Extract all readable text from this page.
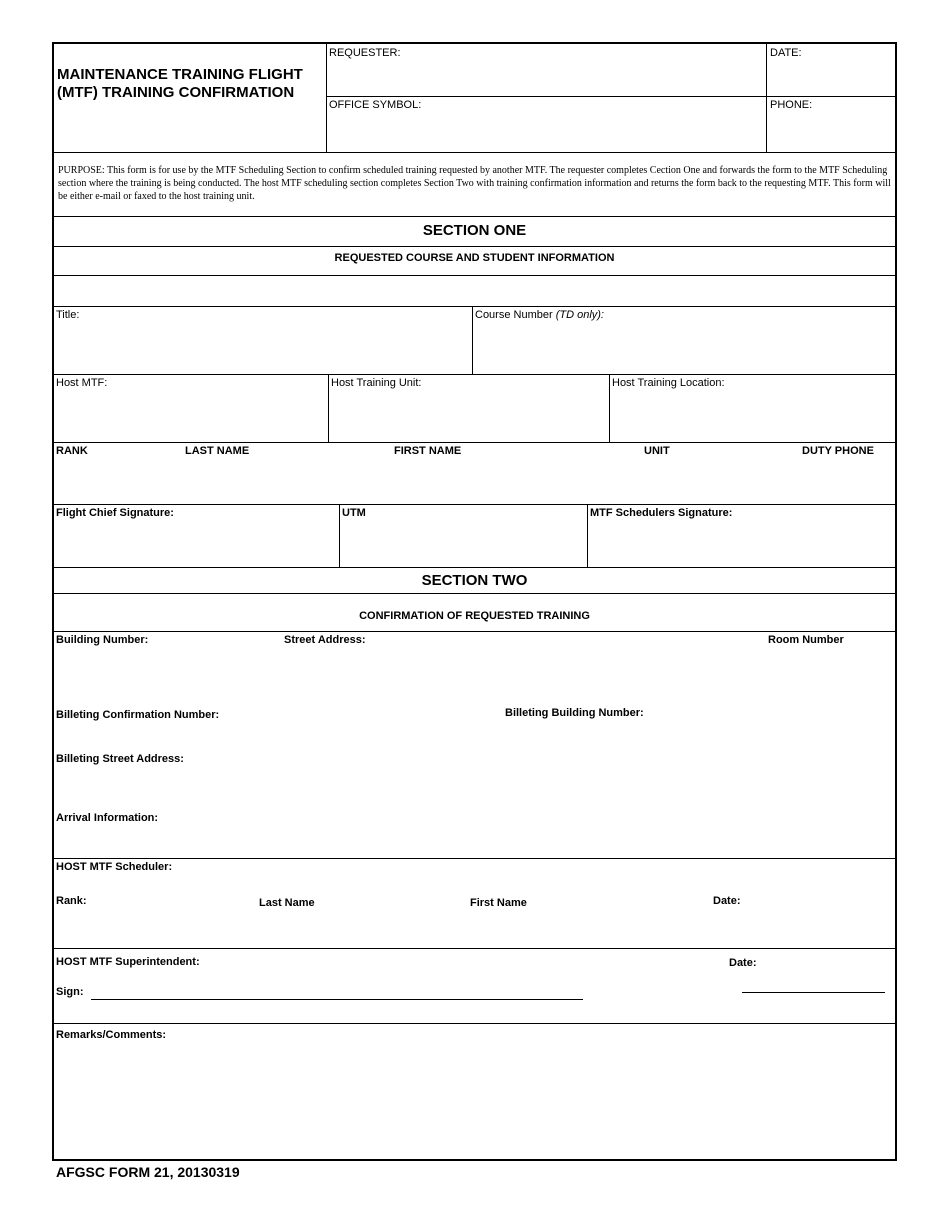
MAINTENANCE TRAINING FLIGHT (MTF) TRAINING CONFIRMATION
REQUESTER:	DATE:
OFFICE SYMBOL:	PHONE:
PURPOSE: This form is for use by the MTF Scheduling Section to confirm scheduled training requested by another MTF. The requester completes Cection One and forwards the form to the MTF Scheduling section where the training is being conducted. The host MTF scheduling section completes Section Two with training confirmation information and returns the form back to the requesting MTF. This form will be either e-mail or faxed to the host training unit.
SECTION ONE
REQUESTED COURSE AND STUDENT INFORMATION
Title:	Course Number (TD only):
Host MTF:	Host Training Unit:	Host Training Location:
RANK	LAST NAME	FIRST NAME	UNIT	DUTY PHONE
Flight Chief Signature:	UTM	MTF Schedulers Signature:
SECTION TWO
CONFIRMATION OF REQUESTED TRAINING
Building Number:	Street Address:	Room Number
Billeting Confirmation Number:	Billeting Building Number:
Billeting Street Address:
Arrival Information:
HOST MTF Scheduler:
Rank:	Last Name	First Name	Date:
HOST MTF Superintendent:	Date:
Sign:
Remarks/Comments:
AFGSC FORM 21, 20130319
